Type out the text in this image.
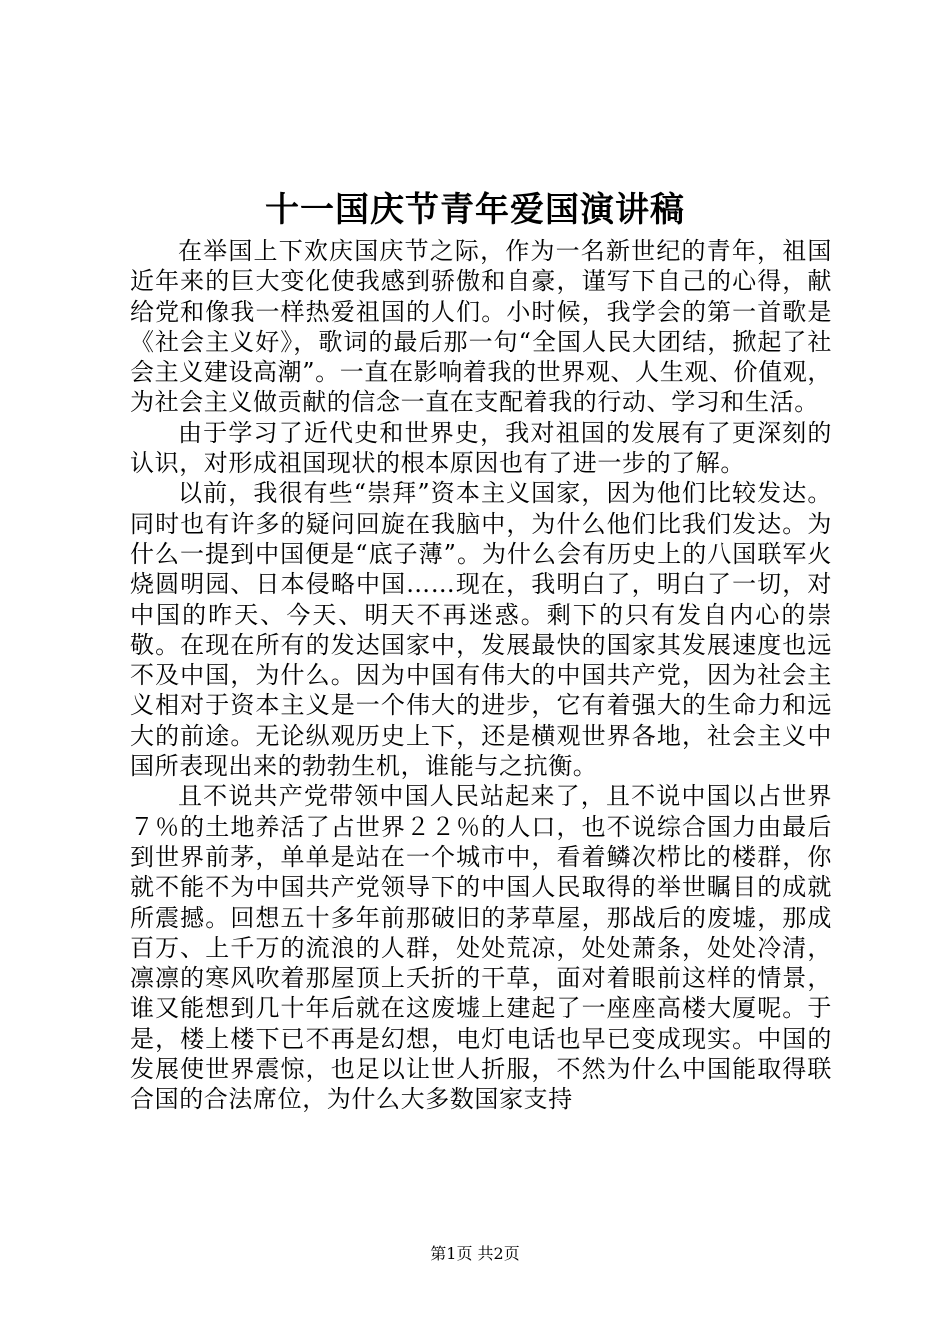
十一国庆节青年爱国演讲稿

在举国上下欢庆国庆节之际，作为一名新世纪的青年，祖国近年来的巨大变化使我感到骄傲和自豪，谨写下自己的心得，献给党和像我一样热爱祖国的人们。小时候，我学会的第一首歌是《社会主义好》，歌词的最后那一句“全国人民大团结，掀起了社会主义建设高潮”。一直在影响着我的世界观、人生观、价值观，为社会主义做贡献的信念一直在支配着我的行动、学习和生活。

由于学习了近代史和世界史，我对祖国的发展有了更深刻的认识，对形成祖国现状的根本原因也有了进一步的了解。

以前，我很有些“崇拜”资本主义国家，因为他们比较发达。同时也有许多的疑问回旋在我脑中，为什么他们比我们发达。为什么一提到中国便是“底子薄”。为什么会有历史上的八国联军火烧圆明园、日本侵略中国……现在，我明白了，明白了一切，对中国的昨天、今天、明天不再迷惑。剩下的只有发自内心的崇敬。在现在所有的发达国家中，发展最快的国家其发展速度也远不及中国，为什么。因为中国有伟大的中国共产党，因为社会主义相对于资本主义是一个伟大的进步，它有着强大的生命力和远大的前途。无论纵观历史上下，还是横观世界各地，社会主义中国所表现出来的勃勃生机，谁能与之抗衡。

且不说共产党带领中国人民站起来了，且不说中国以占世界７％的土地养活了占世界２２％的人口，也不说综合国力由最后到世界前茅，单单是站在一个城市中，看着鳞次栉比的楼群，你就不能不为中国共产党领导下的中国人民取得的举世瞩目的成就所震撼。回想五十多年前那破旧的茅草屋，那战后的废墟，那成百万、上千万的流浪的人群，处处荒凉，处处萧条，处处冷清，凛凛的寒风吹着那屋顶上夭折的干草，面对着眼前这样的情景，谁又能想到几十年后就在这废墟上建起了一座座高楼大厦呢。于是，楼上楼下已不再是幻想，电灯电话也早已变成现实。中国的发展使世界震惊，也足以让世人折服，不然为什么中国能取得联合国的合法席位，为什么大多数国家支持

第1页 共2页
